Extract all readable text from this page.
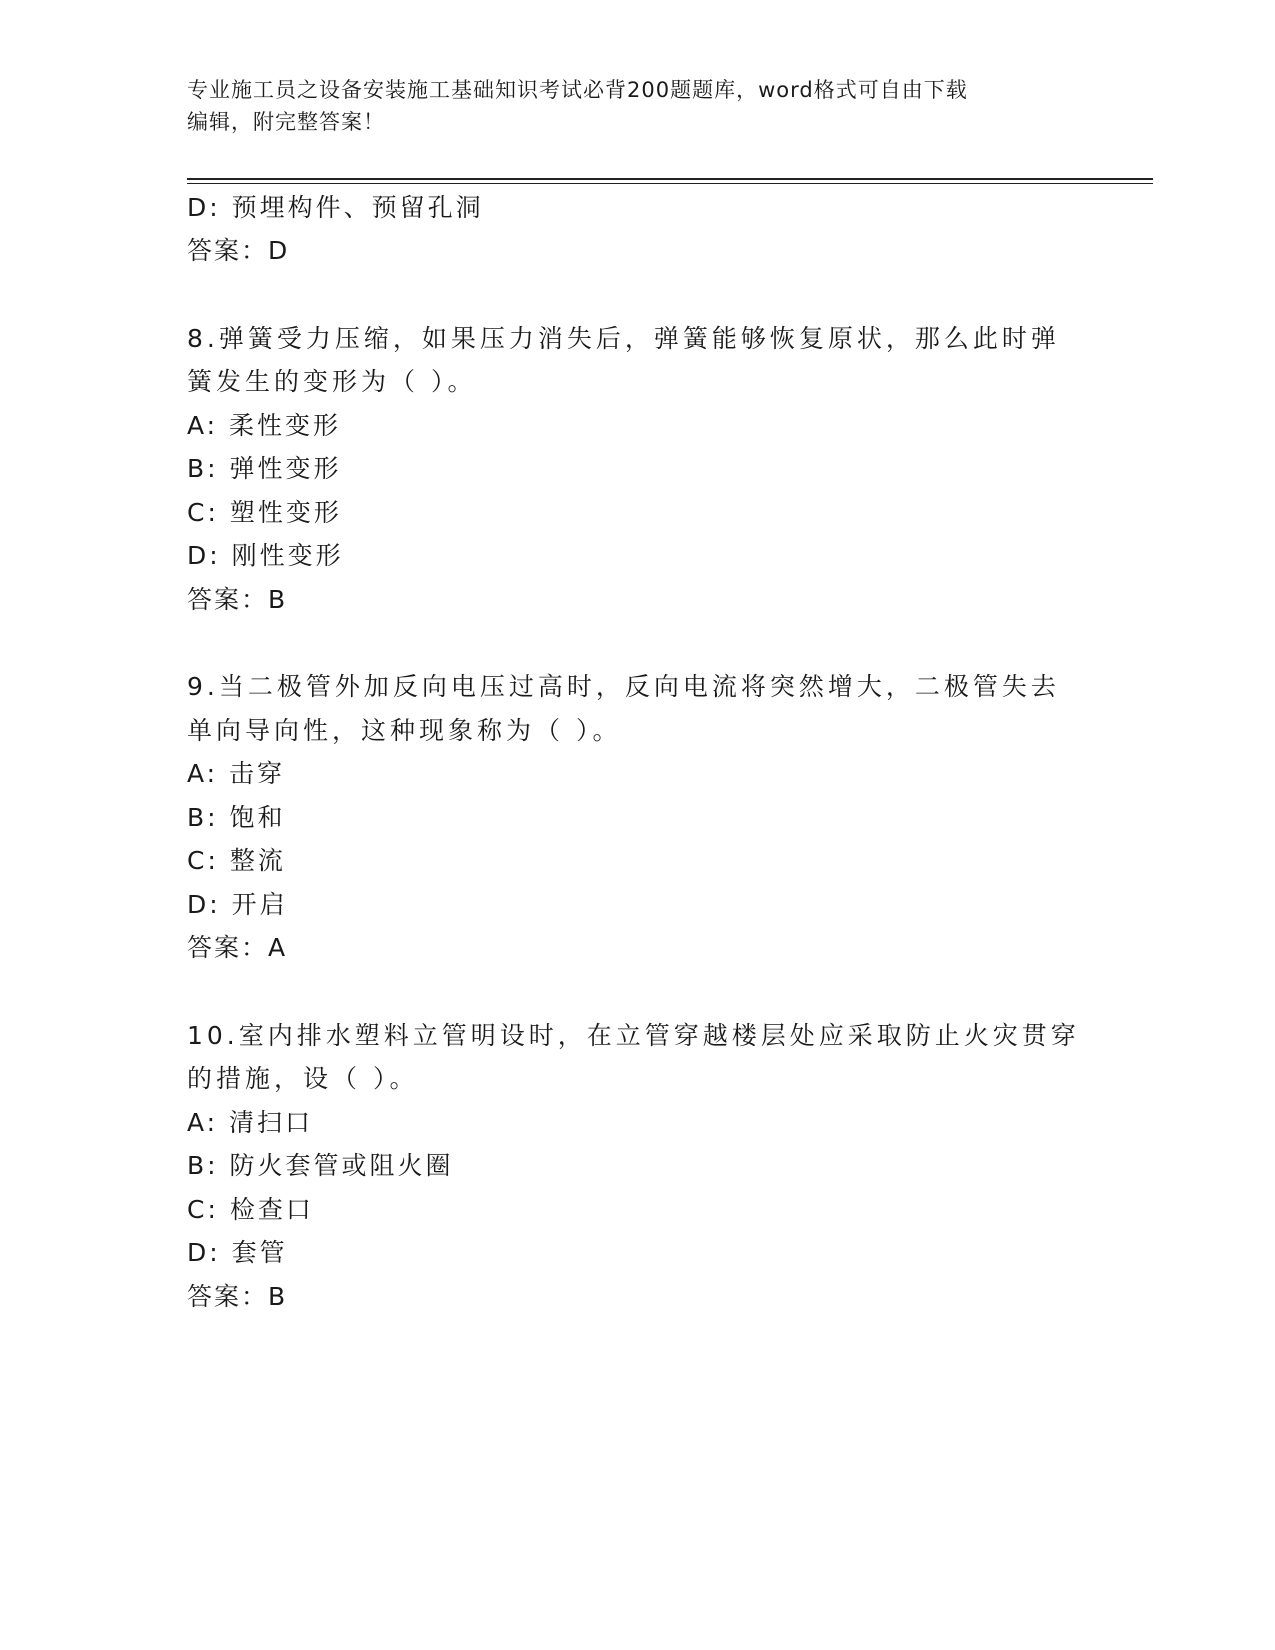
专业施工员之设备安装施工基础知识考试必背200题题库，word格式可自由下载
编辑，附完整答案！
D: 预埋构件、预留孔洞
答案：D
8.弹簧受力压缩，如果压力消失后，弹簧能够恢复原状，那么此时弹
簧发生的变形为（ ）。
A: 柔性变形
B: 弹性变形
C: 塑性变形
D: 刚性变形
答案：B
9.当二极管外加反向电压过高时，反向电流将突然增大，二极管失去
单向导向性，这种现象称为（ ）。
A: 击穿
B: 饱和
C: 整流
D: 开启
答案：A
10.室内排水塑料立管明设时，在立管穿越楼层处应采取防止火灾贯穿
的措施，设（ ）。
A: 清扫口
B: 防火套管或阻火圈
C: 检查口
D: 套管
答案：B
